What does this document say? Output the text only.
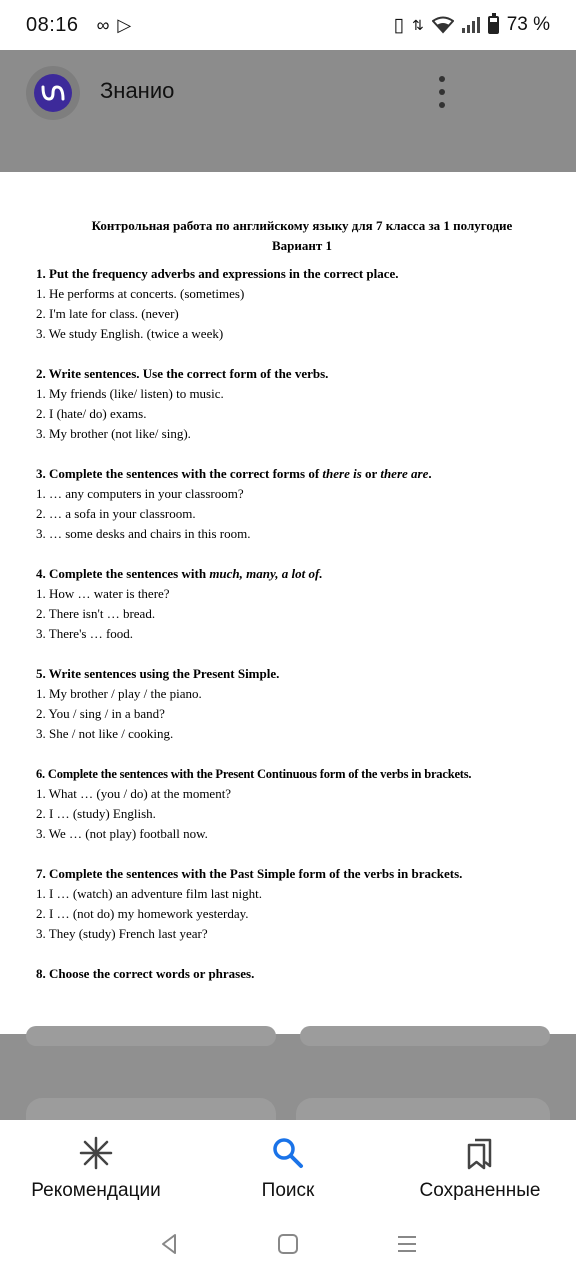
08:16 ∞ ▷	▯ ⇅	73 %
Знанио
Контрольная работа по английскому языку для 7 класса за 1 полугодие
Вариант 1
1. Put the frequency adverbs and expressions in the correct place.
1. He performs at concerts. (sometimes)
2. I'm late for class. (never)
3. We study English. (twice a week)
2. Write sentences. Use the correct form of the verbs.
1. My friends (like/ listen) to music.
2. I (hate/ do) exams.
3. My brother (not like/ sing).
3. Complete the sentences with the correct forms of there is or there are.
1. … any computers in your classroom?
2. … a sofa in your classroom.
3. … some desks and chairs in this room.
4. Complete the sentences with much, many, a lot of.
1. How … water is there?
2. There isn't … bread.
3. There's … food.
5. Write sentences using the Present Simple.
1. My brother / play / the piano.
2. You / sing / in a band?
3. She / not like / cooking.
6. Complete the sentences with the Present Continuous form of the verbs in brackets.
1. What … (you / do) at the moment?
2. I … (study) English.
3. We … (not play) football now.
7. Complete the sentences with the Past Simple form of the verbs in brackets.
1. I … (watch) an adventure film last night.
2. I … (not do) my homework yesterday.
3. They (study) French last year?
8. Choose the correct words or phrases.
Рекомендации	Поиск	Сохраненные
